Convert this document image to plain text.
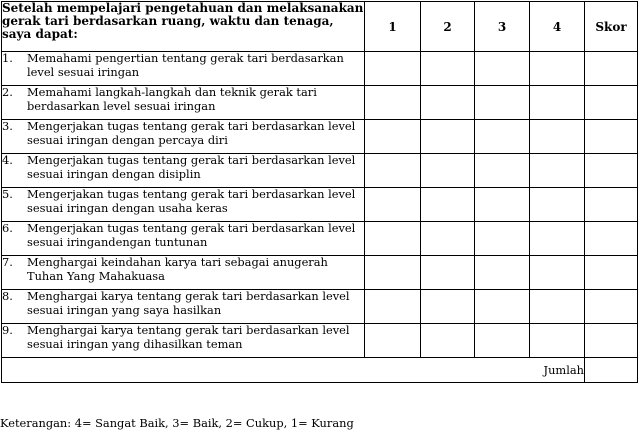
Setelah mempelajari pengetahuan dan melaksanakan gerak tari berdasarkan ruang, waktu dan tenaga, saya dapat:	1	2	3	4	Skor

1. Memahami pengertian tentang gerak tari berdasarkan level sesuai iringan					

2. Memahami langkah-langkah dan teknik gerak tari berdasarkan level sesuai iringan					

3. Mengerjakan tugas tentang gerak tari berdasarkan level sesuai iringan dengan percaya diri					

4. Mengerjakan tugas tentang gerak tari berdasarkan level sesuai iringan dengan disiplin					

5. Mengerjakan tugas tentang gerak tari berdasarkan level sesuai iringan dengan usaha keras					

6. Mengerjakan tugas tentang gerak tari berdasarkan level sesuai iringandengan tuntunan					

7. Menghargai keindahan karya tari sebagai anugerah Tuhan Yang Mahakuasa					

8. Menghargai karya tentang gerak tari berdasarkan level sesuai iringan yang saya hasilkan					

9. Menghargai karya tentang gerak tari berdasarkan level sesuai iringan yang dihasilkan teman					

Jumlah					
Keterangan: 4= Sangat Baik, 3= Baik, 2= Cukup, 1= Kurang
